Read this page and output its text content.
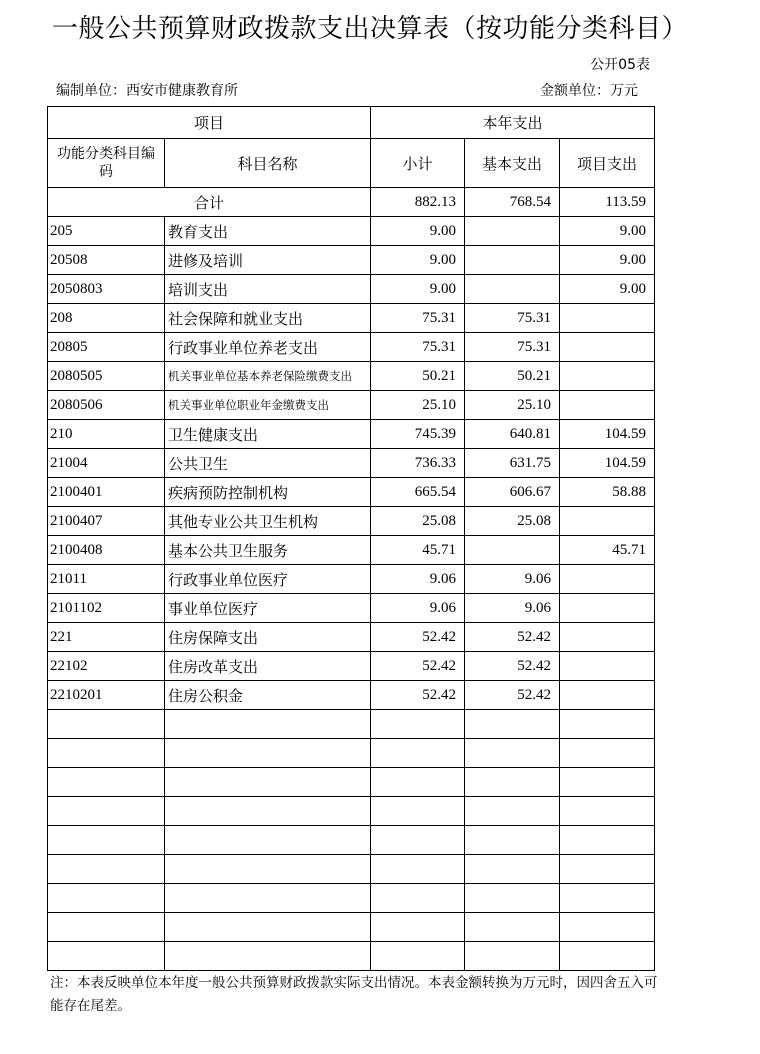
一般公共预算财政拨款支出决算表（按功能分类科目）
公开05表
编制单位：西安市健康教育所	金额单位：万元
项目		本年支出		
功能分类科目编码	科目名称	小计	基本支出	项目支出
合计		882.13	768.54	113.59
205	教育支出	9.00		9.00
20508	进修及培训	9.00		9.00
2050803	培训支出	9.00		9.00
208	社会保障和就业支出	75.31	75.31	
20805	行政事业单位养老支出	75.31	75.31	
2080505	机关事业单位基本养老保险缴费支出	50.21	50.21	
2080506	机关事业单位职业年金缴费支出	25.10	25.10	
210	卫生健康支出	745.39	640.81	104.59
21004	公共卫生	736.33	631.75	104.59
2100401	疾病预防控制机构	665.54	606.67	58.88
2100407	其他专业公共卫生机构	25.08	25.08	
2100408	基本公共卫生服务	45.71		45.71
21011	行政事业单位医疗	9.06	9.06	
2101102	事业单位医疗	9.06	9.06	
221	住房保障支出	52.42	52.42	
22102	住房改革支出	52.42	52.42	
2210201	住房公积金	52.42	52.42	

注：本表反映单位本年度一般公共预算财政拨款实际支出情况。本表金额转换为万元时，因四舍五入可能存在尾差。
